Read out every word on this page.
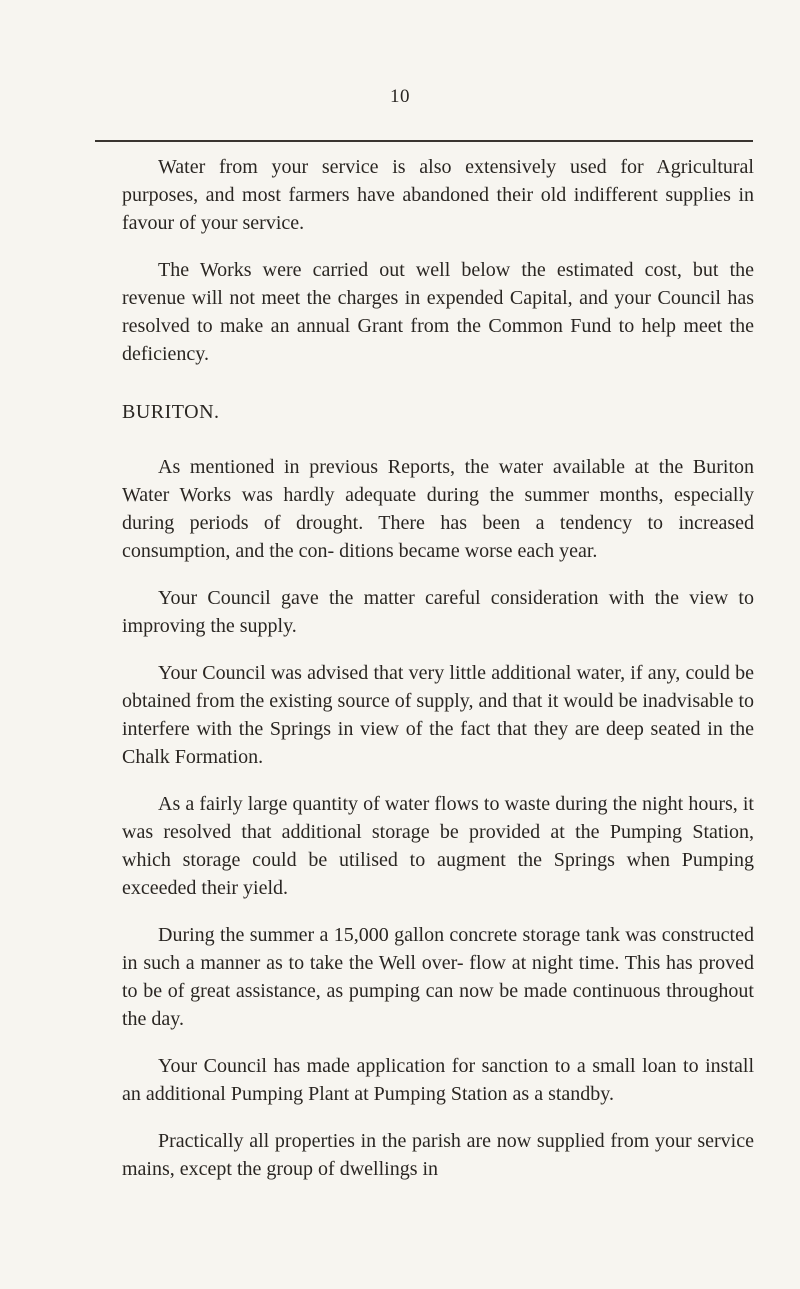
10

Water from your service is also extensively used for Agricultural purposes, and most farmers have abandoned their old indifferent supplies in favour of your service.

The Works were carried out well below the estimated cost, but the revenue will not meet the charges in expended Capital, and your Council has resolved to make an annual Grant from the Common Fund to help meet the deficiency.

BURITON.

As mentioned in previous Reports, the water available at the Buriton Water Works was hardly adequate during the summer months, especially during periods of drought. There has been a tendency to increased consumption, and the con- ditions became worse each year.

Your Council gave the matter careful consideration with the view to improving the supply.

Your Council was advised that very little additional water, if any, could be obtained from the existing source of supply, and that it would be inadvisable to interfere with the Springs in view of the fact that they are deep seated in the Chalk Formation.

As a fairly large quantity of water flows to waste during the night hours, it was resolved that additional storage be provided at the Pumping Station, which storage could be utilised to augment the Springs when Pumping exceeded their yield.

During the summer a 15,000 gallon concrete storage tank was constructed in such a manner as to take the Well over- flow at night time. This has proved to be of great assistance, as pumping can now be made continuous throughout the day.

Your Council has made application for sanction to a small loan to install an additional Pumping Plant at Pumping Station as a standby.

Practically all properties in the parish are now supplied from your service mains, except the group of dwellings in
